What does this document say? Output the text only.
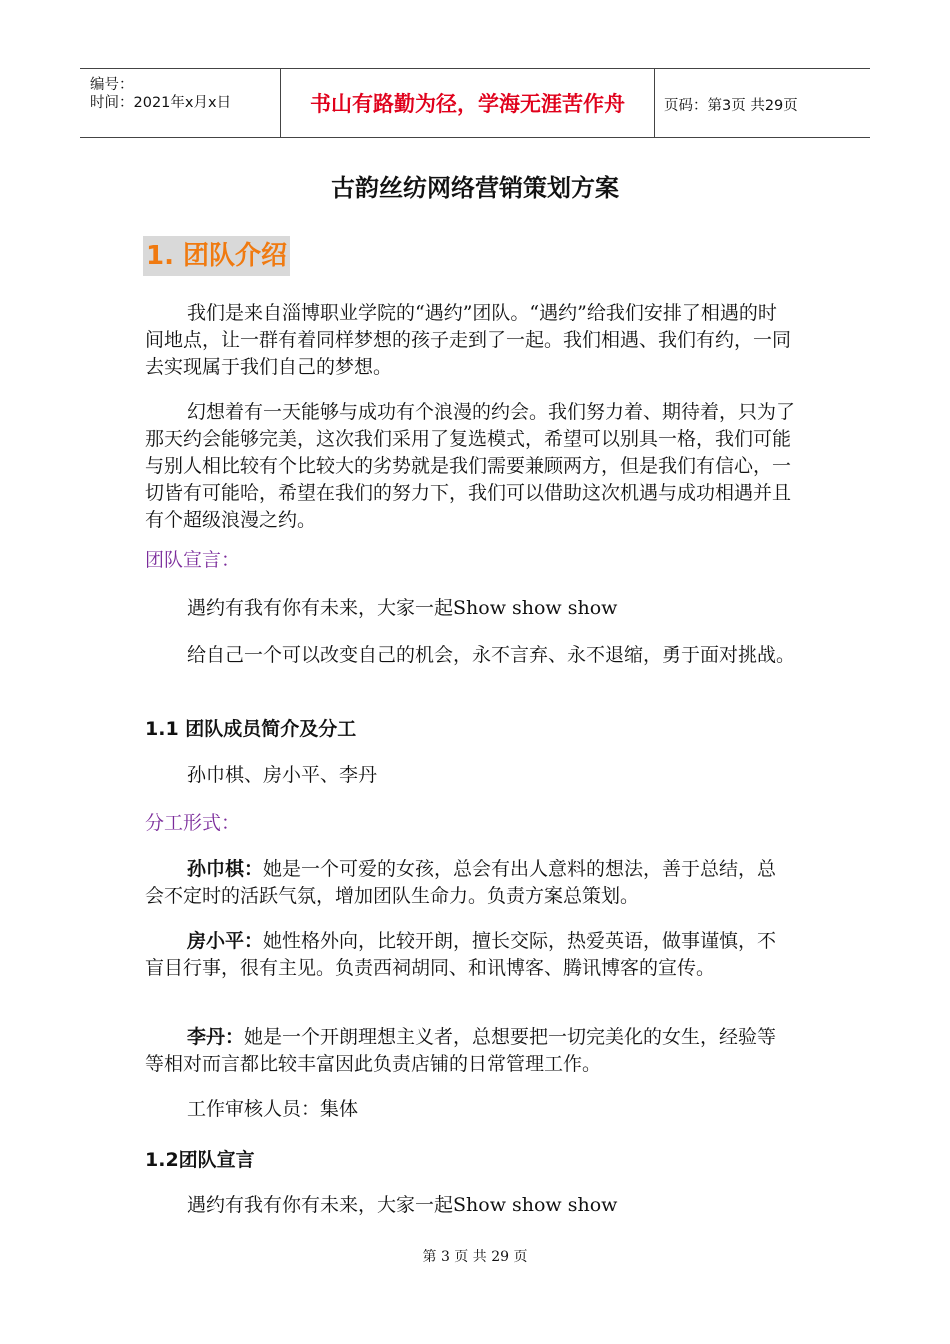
编号：
时间：2021年x月x日	书山有路勤为径，学海无涯苦作舟	页码：第3页 共29页
古韵丝纺网络营销策划方案
1. 团队介绍

我们是来自淄博职业学院的“遇约”团队。“遇约”给我们安排了相遇的时间地点，让一群有着同样梦想的孩子走到了一起。我们相遇、我们有约，一同去实现属于我们自己的梦想。

幻想着有一天能够与成功有个浪漫的约会。我们努力着、期待着，只为了那天约会能够完美，这次我们采用了复选模式，希望可以别具一格，我们可能与别人相比较有个比较大的劣势就是我们需要兼顾两方，但是我们有信心，一切皆有可能哈，希望在我们的努力下，我们可以借助这次机遇与成功相遇并且有个超级浪漫之约。

团队宣言：

遇约有我有你有未来，大家一起Show show show

给自己一个可以改变自己的机会，永不言弃、永不退缩，勇于面对挑战。

1.1 团队成员简介及分工

孙巾棋、房小平、李丹

分工形式：

孙巾棋：她是一个可爱的女孩，总会有出人意料的想法，善于总结，总会不定时的活跃气氛，增加团队生命力。负责方案总策划。

房小平：她性格外向，比较开朗，擅长交际，热爱英语，做事谨慎，不盲目行事，很有主见。负责西祠胡同、和讯博客、腾讯博客的宣传。

李丹：她是一个开朗理想主义者，总想要把一切完美化的女生，经验等等相对而言都比较丰富因此负责店铺的日常管理工作。

工作审核人员：集体

1.2团队宣言

遇约有我有你有未来，大家一起Show show show

第 3 页 共 29 页
